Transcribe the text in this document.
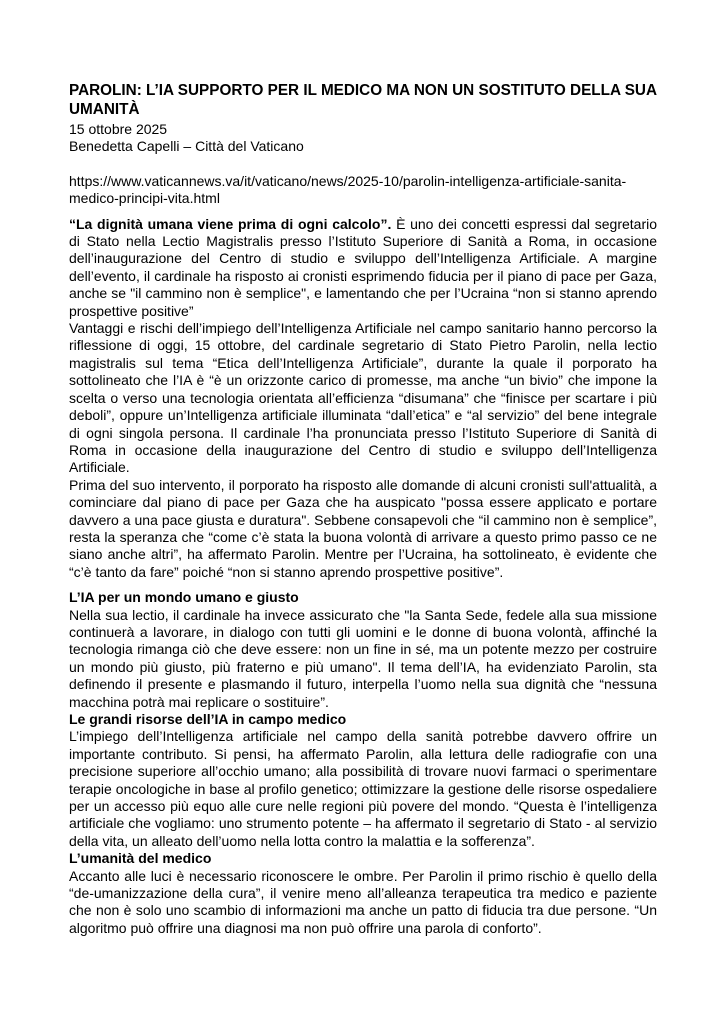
PAROLIN: L’IA SUPPORTO PER IL MEDICO MA NON UN SOSTITUTO DELLA SUA UMANITÀ

15 ottobre 2025

Benedetta Capelli – Città del Vaticano

https://www.vaticannews.va/it/vaticano/news/2025-10/parolin-intelligenza-artificiale-sanita-medico-principi-vita.html

“La dignità umana viene prima di ogni calcolo”. È uno dei concetti espressi dal segretario di Stato nella Lectio Magistralis presso l’Istituto Superiore di Sanità a Roma, in occasione dell’inaugurazione del Centro di studio e sviluppo dell’Intelligenza Artificiale. A margine dell’evento, il cardinale ha risposto ai cronisti esprimendo fiducia per il piano di pace per Gaza, anche se "il cammino non è semplice", e lamentando che per l’Ucraina “non si stanno aprendo prospettive positive”

Vantaggi e rischi dell’impiego dell’Intelligenza Artificiale nel campo sanitario hanno percorso la riflessione di oggi, 15 ottobre, del cardinale segretario di Stato Pietro Parolin, nella lectio magistralis sul tema “Etica dell’Intelligenza Artificiale”, durante la quale il porporato ha sottolineato che l’IA è “è un orizzonte carico di promesse, ma anche “un bivio” che impone la scelta o verso una tecnologia orientata all’efficienza “disumana” che “finisce per scartare i più deboli”, oppure un’Intelligenza artificiale illuminata “dall’etica” e “al servizio” del bene integrale di ogni singola persona. Il cardinale l’ha pronunciata presso l’Istituto Superiore di Sanità di Roma in occasione della inaugurazione del Centro di studio e sviluppo dell’Intelligenza Artificiale.

Prima del suo intervento, il porporato ha risposto alle domande di alcuni cronisti sull'attualità, a cominciare dal piano di pace per Gaza che ha auspicato "possa essere applicato e portare davvero a una pace giusta e duratura". Sebbene consapevoli che “il cammino non è semplice”, resta la speranza che “come c’è stata la buona volontà di arrivare a questo primo passo ce ne siano anche altri”, ha affermato Parolin. Mentre per l’Ucraina, ha sottolineato, è evidente che “c’è tanto da fare” poiché “non si stanno aprendo prospettive positive”.

L’IA per un mondo umano e giusto

Nella sua lectio, il cardinale ha invece assicurato che "la Santa Sede, fedele alla sua missione continuerà a lavorare, in dialogo con tutti gli uomini e le donne di buona volontà, affinché la tecnologia rimanga ciò che deve essere: non un fine in sé, ma un potente mezzo per costruire un mondo più giusto, più fraterno e più umano". Il tema dell’IA, ha evidenziato Parolin, sta definendo il presente e plasmando il futuro, interpella l’uomo nella sua dignità che “nessuna macchina potrà mai replicare o sostituire”.

Le grandi risorse dell’IA in campo medico

L’impiego dell’Intelligenza artificiale nel campo della sanità potrebbe davvero offrire un importante contributo. Si pensi, ha affermato Parolin, alla lettura delle radiografie con una precisione superiore all’occhio umano; alla possibilità di trovare nuovi farmaci o sperimentare terapie oncologiche in base al profilo genetico; ottimizzare la gestione delle risorse ospedaliere per un accesso più equo alle cure nelle regioni più povere del mondo. “Questa è l’intelligenza artificiale che vogliamo: uno strumento potente – ha affermato il segretario di Stato - al servizio della vita, un alleato dell’uomo nella lotta contro la malattia e la sofferenza”.

L’umanità del medico

Accanto alle luci è necessario riconoscere le ombre. Per Parolin il primo rischio è quello della “de-umanizzazione della cura”, il venire meno all’alleanza terapeutica tra medico e paziente che non è solo uno scambio di informazioni ma anche un patto di fiducia tra due persone. “Un algoritmo può offrire una diagnosi ma non può offrire una parola di conforto”.
